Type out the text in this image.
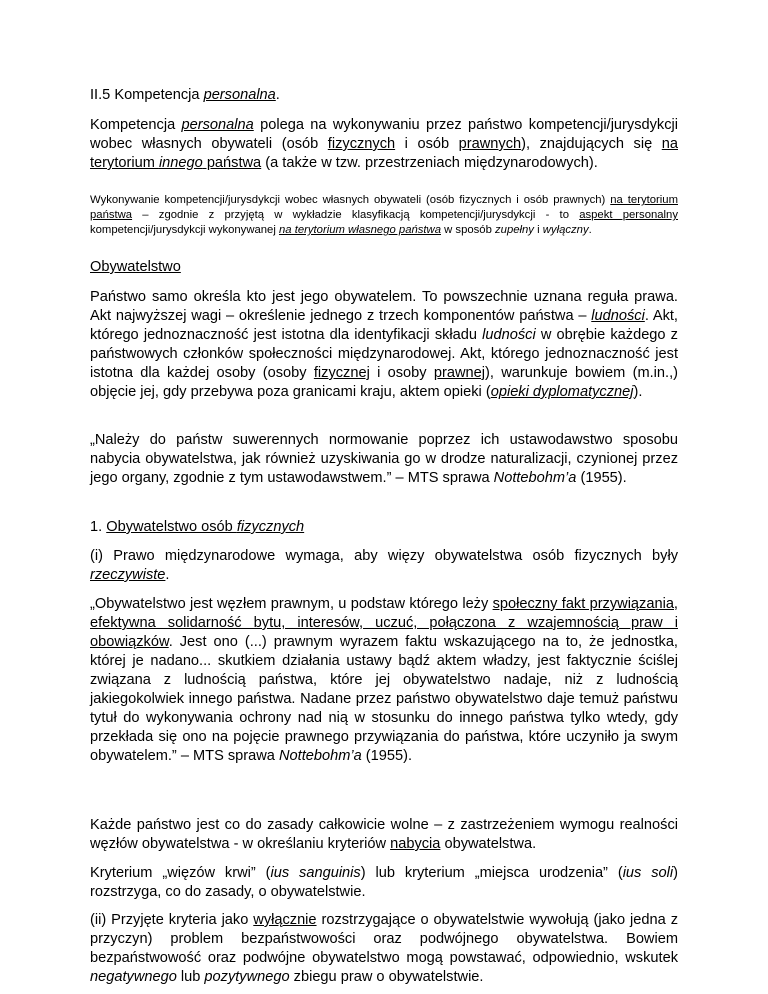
II.5 Kompetencja personalna.

Kompetencja personalna polega na wykonywaniu przez państwo kompetencji/jurysdykcji wobec własnych obywateli (osób fizycznych i osób prawnych), znajdujących się na terytorium innego państwa (a także w tzw. przestrzeniach międzynarodowych).

Wykonywanie kompetencji/jurysdykcji wobec własnych obywateli (osób fizycznych i osób prawnych) na terytorium państwa – zgodnie z przyjętą w wykładzie klasyfikacją kompetencji/jurysdykcji - to aspekt personalny kompetencji/jurysdykcji wykonywanej na terytorium własnego państwa w sposób zupełny i wyłączny.

Obywatelstwo

Państwo samo określa kto jest jego obywatelem. To powszechnie uznana reguła prawa. Akt najwyższej wagi – określenie jednego z trzech komponentów państwa – ludności. Akt, którego jednoznaczność jest istotna dla identyfikacji składu ludności w obrębie każdego z państwowych członków społeczności międzynarodowej. Akt, którego jednoznaczność jest istotna dla każdej osoby (osoby fizycznej i osoby prawnej), warunkuje bowiem (m.in.,) objęcie jej, gdy przebywa poza granicami kraju, aktem opieki (opieki dyplomatycznej).

„Należy do państw suwerennych normowanie poprzez ich ustawodawstwo sposobu nabycia obywatelstwa, jak również uzyskiwania go w drodze naturalizacji, czynionej przez jego organy, zgodnie z tym ustawodawstwem.” – MTS sprawa Nottebohm’a (1955).

1. Obywatelstwo osób fizycznych

(i) Prawo międzynarodowe wymaga, aby więzy obywatelstwa osób fizycznych były rzeczywiste.

„Obywatelstwo jest węzłem prawnym, u podstaw którego leży społeczny fakt przywiązania, efektywna solidarność bytu, interesów, uczuć, połączona z wzajemnością praw i obowiązków. Jest ono (...) prawnym wyrazem faktu wskazującego na to, że jednostka, której je nadano... skutkiem działania ustawy bądź aktem władzy, jest faktycznie ściślej związana z ludnością państwa, które jej obywatelstwo nadaje, niż z ludnością jakiegokolwiek innego państwa. Nadane przez państwo obywatelstwo daje temuż państwu tytuł do wykonywania ochrony nad nią w stosunku do innego państwa tylko wtedy, gdy przekłada się ono na pojęcie prawnego przywiązania do państwa, które uczyniło ja swym obywatelem.” – MTS sprawa Nottebohm’a (1955).

Każde państwo jest co do zasady całkowicie wolne – z zastrzeżeniem wymogu realności węzłów obywatelstwa - w określaniu kryteriów nabycia obywatelstwa.

Kryterium „więzów krwi” (ius sanguinis) lub kryterium „miejsca urodzenia” (ius soli) rozstrzyga, co do zasady, o obywatelstwie.

(ii) Przyjęte kryteria jako wyłącznie rozstrzygające o obywatelstwie wywołują (jako jedna z przyczyn) problem bezpaństwowości oraz podwójnego obywatelstwa. Bowiem bezpaństwowość oraz podwójne obywatelstwo mogą powstawać, odpowiednio, wskutek negatywnego lub pozytywnego zbiegu praw o obywatelstwie.
